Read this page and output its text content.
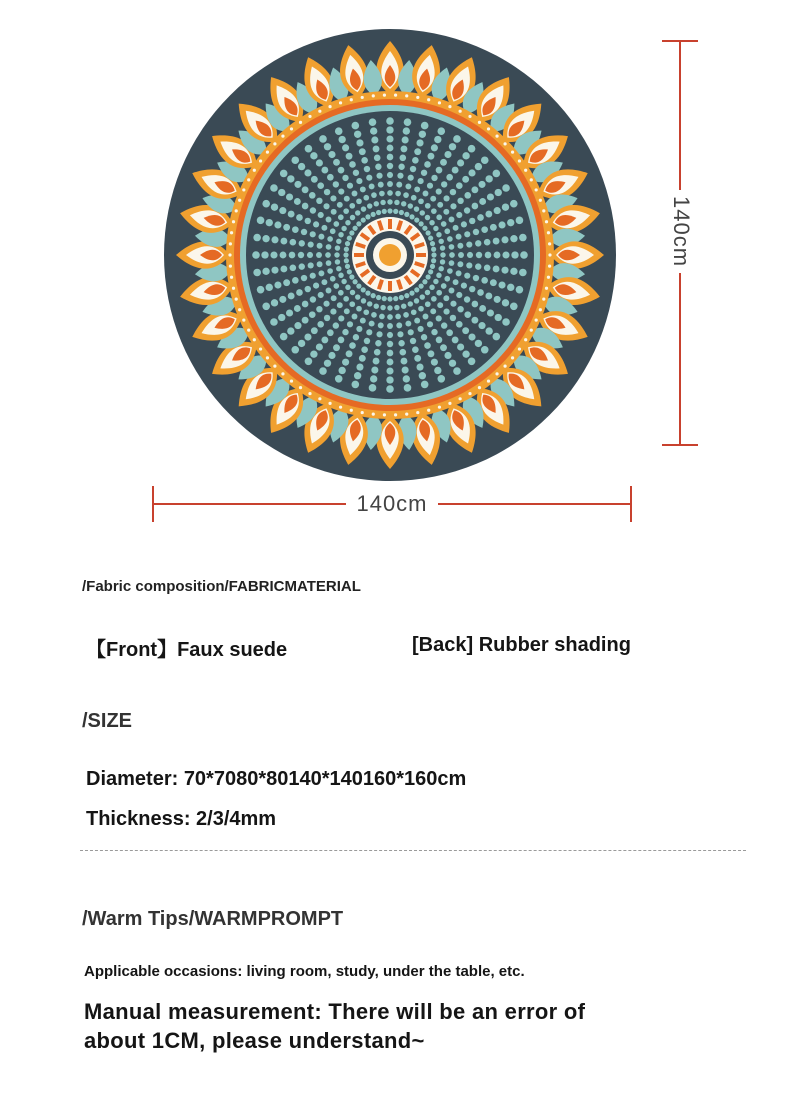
140cm
140cm
/Fabric composition/FABRICMATERIAL
【Front】Faux suede	[Back] Rubber shading
/SIZE
Diameter: 70*7080*80140*140160*160cm
Thickness: 2/3/4mm
/Warm Tips/WARMPROMPT
Applicable occasions: living room, study, under the table, etc.
Manual measurement: There will be an error of
about 1CM, please understand~
